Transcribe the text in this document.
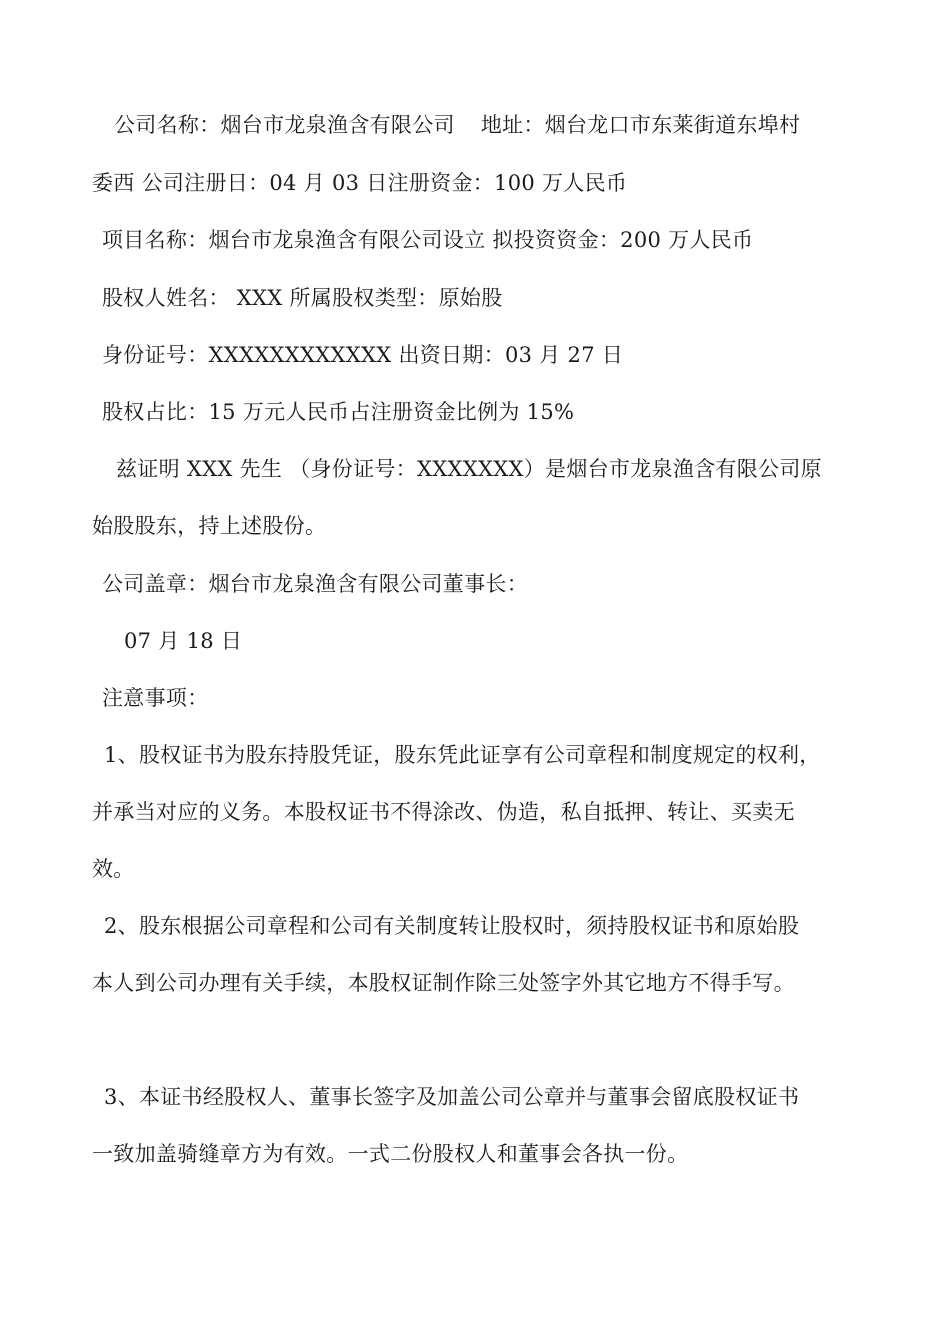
公司名称：烟台市龙泉渔含有限公司 地址：烟台龙口市东莱街道东埠村
委西 公司注册日：04 月 03 日注册资金：100 万人民币
项目名称：烟台市龙泉渔含有限公司设立 拟投资资金：200 万人民币
股权人姓名： XXX 所属股权类型：原始股
身份证号：XXXXXXXXXXXX 出资日期：03 月 27 日
股权占比：15 万元人民币占注册资金比例为 15%
兹证明 XXX 先生 （身份证号：XXXXXXX）是烟台市龙泉渔含有限公司原
始股股东，持上述股份。
公司盖章：烟台市龙泉渔含有限公司董事长：
07 月 18 日
注意事项：
1、股权证书为股东持股凭证，股东凭此证享有公司章程和制度规定的权利，
并承当对应的义务。本股权证书不得涂改、伪造，私自抵押、转让、买卖无
效。
2、股东根据公司章程和公司有关制度转让股权时，须持股权证书和原始股
本人到公司办理有关手续，本股权证制作除三处签字外其它地方不得手写。
3、本证书经股权人、董事长签字及加盖公司公章并与董事会留底股权证书
一致加盖骑缝章方为有效。一式二份股权人和董事会各执一份。
